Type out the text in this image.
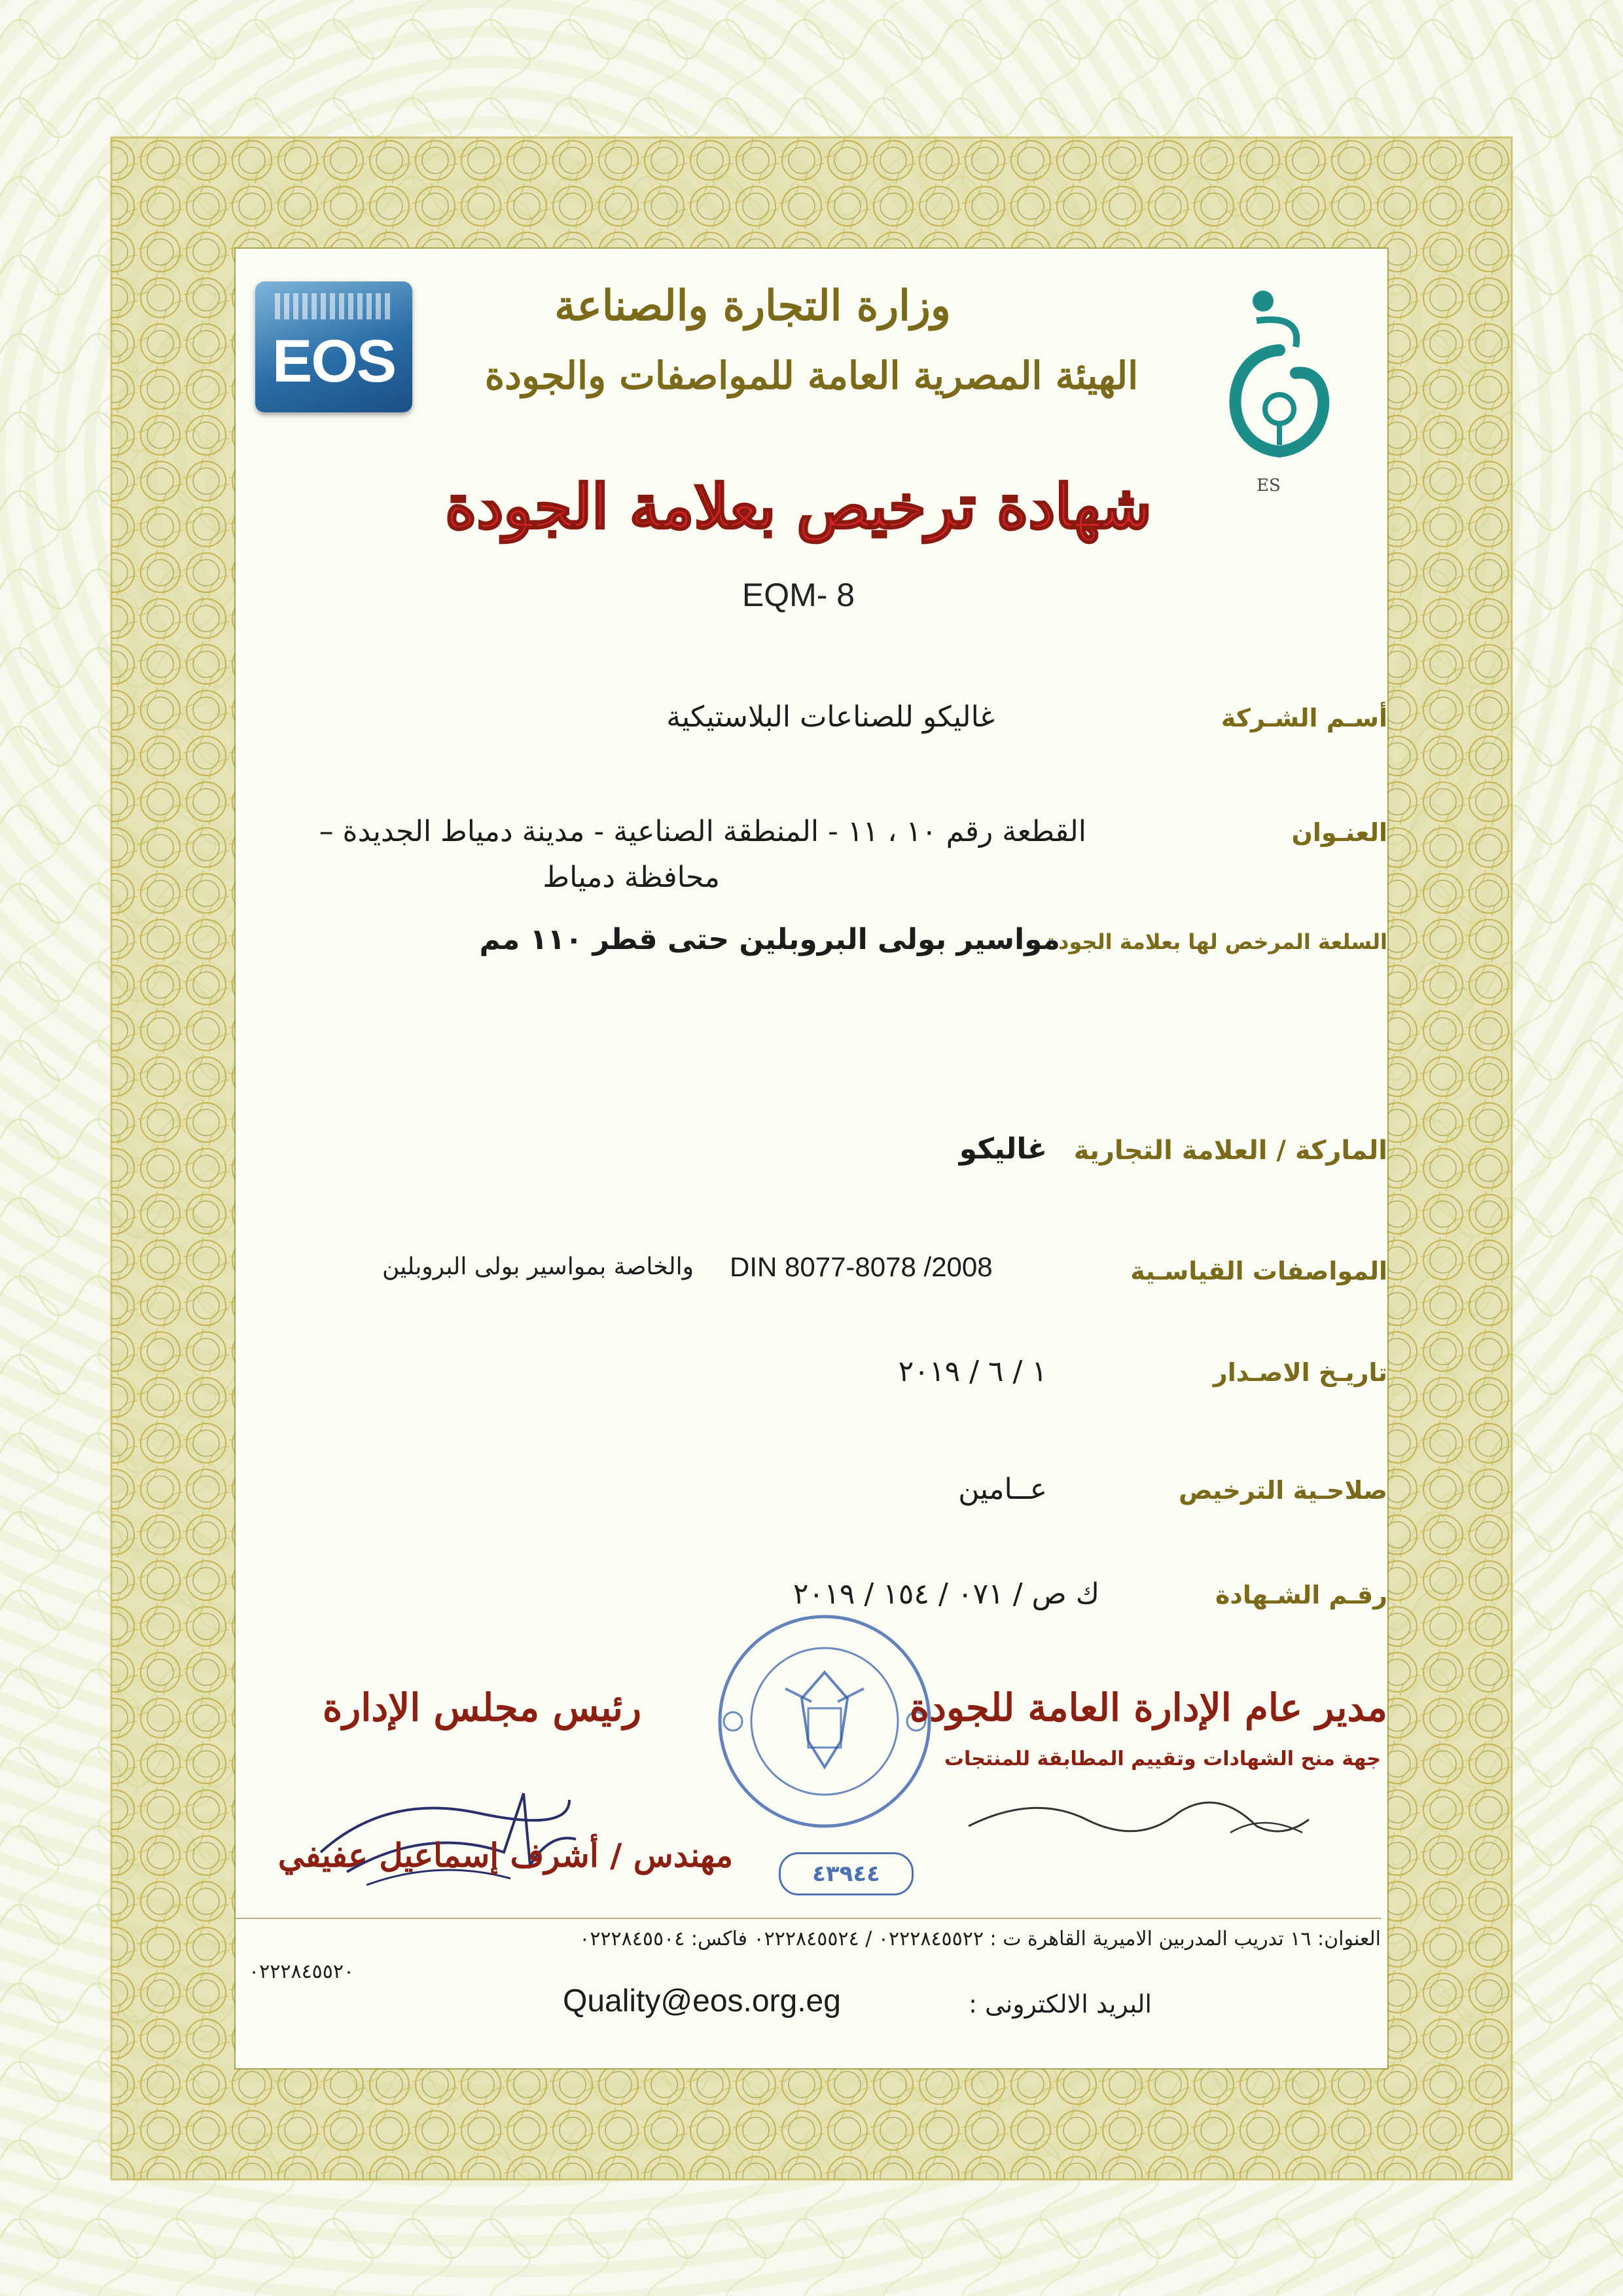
EOS
ES
وزارة التجارة والصناعة
الهيئة المصرية العامة للمواصفات والجودة
شهادة ترخيص بعلامة الجودة
EQM- 8
أسـم الشـركة
غاليكو للصناعات البلاستيكية
العنـوان
القطعة رقم ١٠ ، ١١ - المنطقة الصناعية - مدينة دمياط الجديدة –
محافظة دمياط
السلعة المرخص لها بعلامة الجودة
مواسير بولى البروبلين حتى قطر ١١٠ مم
الماركة / العلامة التجارية
غاليكو
المواصفات القياسـية
DIN 8077-8078 /2008
والخاصة بمواسير بولى البروبلين
تاريـخ الاصـدار
١ / ٦ / ٢٠١٩
صلاحـية الترخيص
عــامين
رقـم الشـهادة
ك ص / ٠٧١ / ١٥٤ / ٢٠١٩
رئيس مجلس الإدارة
مهندس / أشرف إسماعيل عفيفي
مدير عام الإدارة العامة للجودة
جهة منح الشهادات وتقييم المطابقة للمنتجات
٤٣٩٤٤
العنوان: ١٦ تدريب المدربين الاميرية القاهرة ت : ٠٢٢٢٨٤٥٥٢٢ / ٠٢٢٢٨٤٥٥٢٤ فاكس: ٠٢٢٢٨٤٥٥٠٤
٠٢٢٢٨٤٥٥٢٠
Quality@eos.org.eg	البريد الالكترونى :
